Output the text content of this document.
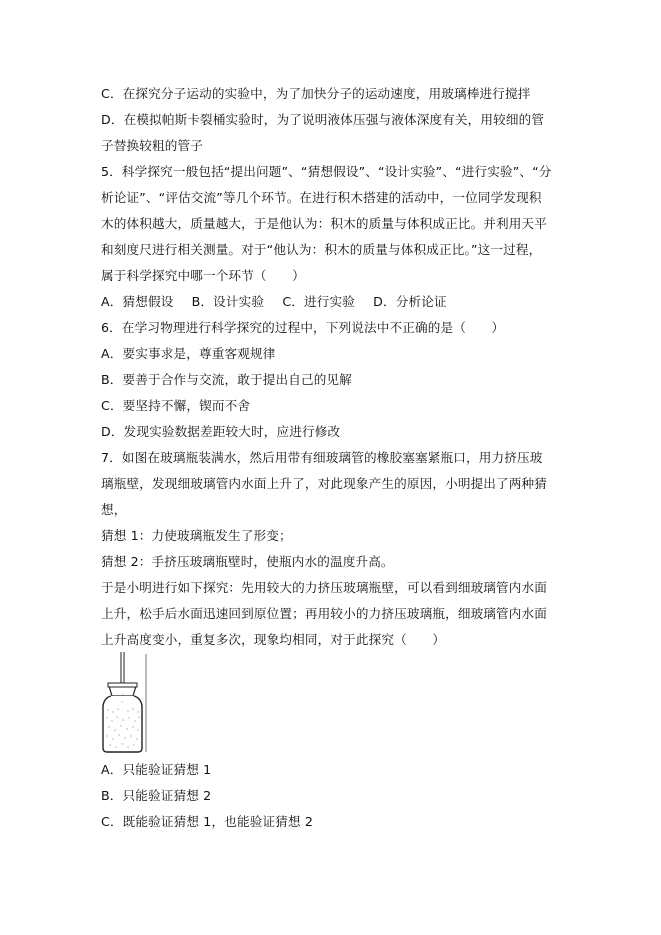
C．在探究分子运动的实验中，为了加快分子的运动速度，用玻璃棒进行搅拌
D．在模拟帕斯卡裂桶实验时，为了说明液体压强与液体深度有关，用较细的管
子替换较粗的管子
5．科学探究一般包括“提出问题”、“猜想假设”、“设计实验”、“进行实验”、“分
析论证”、“评估交流”等几个环节。在进行积木搭建的活动中，一位同学发现积
木的体积越大，质量越大，于是他认为：积木的质量与体积成正比。并利用天平
和刻度尺进行相关测量。对于“他认为：积木的质量与体积成正比。”这一过程，
属于科学探究中哪一个环节（　　）
A．猜想假设 B．设计实验 C．进行实验 D．分析论证
6．在学习物理进行科学探究的过程中，下列说法中不正确的是（　　）
A．要实事求是，尊重客观规律
B．要善于合作与交流，敢于提出自己的见解
C．要坚持不懈，锲而不舍
D．发现实验数据差距较大时，应进行修改
7．如图在玻璃瓶装满水，然后用带有细玻璃管的橡胶塞塞紧瓶口，用力挤压玻
璃瓶壁，发现细玻璃管内水面上升了，对此现象产生的原因，小明提出了两种猜
想，
猜想 1：力使玻璃瓶发生了形变；
猜想 2：手挤压玻璃瓶壁时，使瓶内水的温度升高。
于是小明进行如下探究：先用较大的力挤压玻璃瓶壁，可以看到细玻璃管内水面
上升，松手后水面迅速回到原位置；再用较小的力挤压玻璃瓶，细玻璃管内水面
上升高度变小，重复多次，现象均相同，对于此探究（　　）
A．只能验证猜想 1
B．只能验证猜想 2
C．既能验证猜想 1，也能验证猜想 2
